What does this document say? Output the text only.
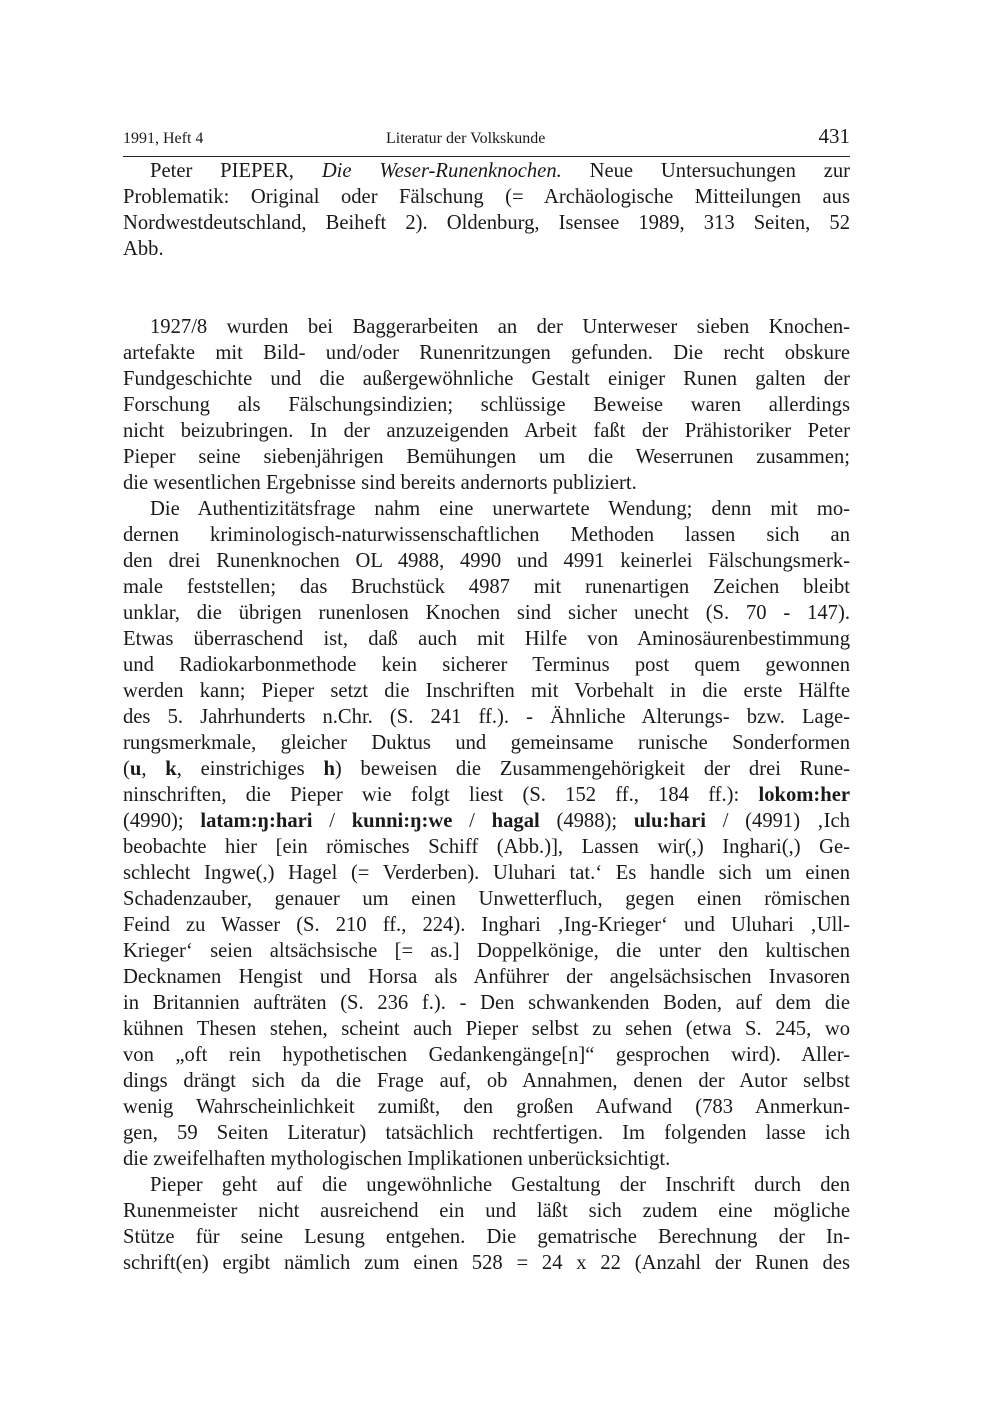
1991, Heft 4	Literatur der Volkskunde	431
Peter PIEPER, Die Weser-Runenknochen. Neue Untersuchungen zur
Problematik: Original oder Fälschung (= Archäologische Mitteilungen aus
Nordwestdeutschland, Beiheft 2). Oldenburg, Isensee 1989, 313 Seiten, 52
Abb.
1927/8 wurden bei Baggerarbeiten an der Unterweser sieben Knochen-
artefakte mit Bild- und/oder Runenritzungen gefunden. Die recht obskure
Fundgeschichte und die außergewöhnliche Gestalt einiger Runen galten der
Forschung als Fälschungsindizien; schlüssige Beweise waren allerdings
nicht beizubringen. In der anzuzeigenden Arbeit faßt der Prähistoriker Peter
Pieper seine siebenjährigen Bemühungen um die Weserrunen zusammen;
die wesentlichen Ergebnisse sind bereits andernorts publiziert.
Die Authentizitätsfrage nahm eine unerwartete Wendung; denn mit mo-
dernen kriminologisch-naturwissenschaftlichen Methoden lassen sich an
den drei Runenknochen OL 4988, 4990 und 4991 keinerlei Fälschungsmerk-
male feststellen; das Bruchstück 4987 mit runenartigen Zeichen bleibt
unklar, die übrigen runenlosen Knochen sind sicher unecht (S. 70 - 147).
Etwas überraschend ist, daß auch mit Hilfe von Aminosäurenbestimmung
und Radiokarbonmethode kein sicherer Terminus post quem gewonnen
werden kann; Pieper setzt die Inschriften mit Vorbehalt in die erste Hälfte
des 5. Jahrhunderts n.Chr. (S. 241 ff.). - Ähnliche Alterungs- bzw. Lage-
rungsmerkmale, gleicher Duktus und gemeinsame runische Sonderformen
(u, k, einstrichiges h) beweisen die Zusammengehörigkeit der drei Rune-
ninschriften, die Pieper wie folgt liest (S. 152 ff., 184 ff.): lokom:her
(4990); latam:ŋ:hari / kunni:ŋ:we / hagal (4988); ulu:hari / (4991) ‚Ich
beobachte hier [ein römisches Schiff (Abb.)], Lassen wir(,) Inghari(,) Ge-
schlecht Ingwe(,) Hagel (= Verderben). Uluhari tat.‘ Es handle sich um einen
Schadenzauber, genauer um einen Unwetterfluch, gegen einen römischen
Feind zu Wasser (S. 210 ff., 224). Inghari ‚Ing-Krieger‘ und Uluhari ‚Ull-
Krieger‘ seien altsächsische [= as.] Doppelkönige, die unter den kultischen
Decknamen Hengist und Horsa als Anführer der angelsächsischen Invasoren
in Britannien aufträten (S. 236 f.). - Den schwankenden Boden, auf dem die
kühnen Thesen stehen, scheint auch Pieper selbst zu sehen (etwa S. 245, wo
von „oft rein hypothetischen Gedankengänge[n]“ gesprochen wird). Aller-
dings drängt sich da die Frage auf, ob Annahmen, denen der Autor selbst
wenig Wahrscheinlichkeit zumißt, den großen Aufwand (783 Anmerkun-
gen, 59 Seiten Literatur) tatsächlich rechtfertigen. Im folgenden lasse ich
die zweifelhaften mythologischen Implikationen unberücksichtigt.
Pieper geht auf die ungewöhnliche Gestaltung der Inschrift durch den
Runenmeister nicht ausreichend ein und läßt sich zudem eine mögliche
Stütze für seine Lesung entgehen. Die gematrische Berechnung der In-
schrift(en) ergibt nämlich zum einen 528 = 24 x 22 (Anzahl der Runen des
